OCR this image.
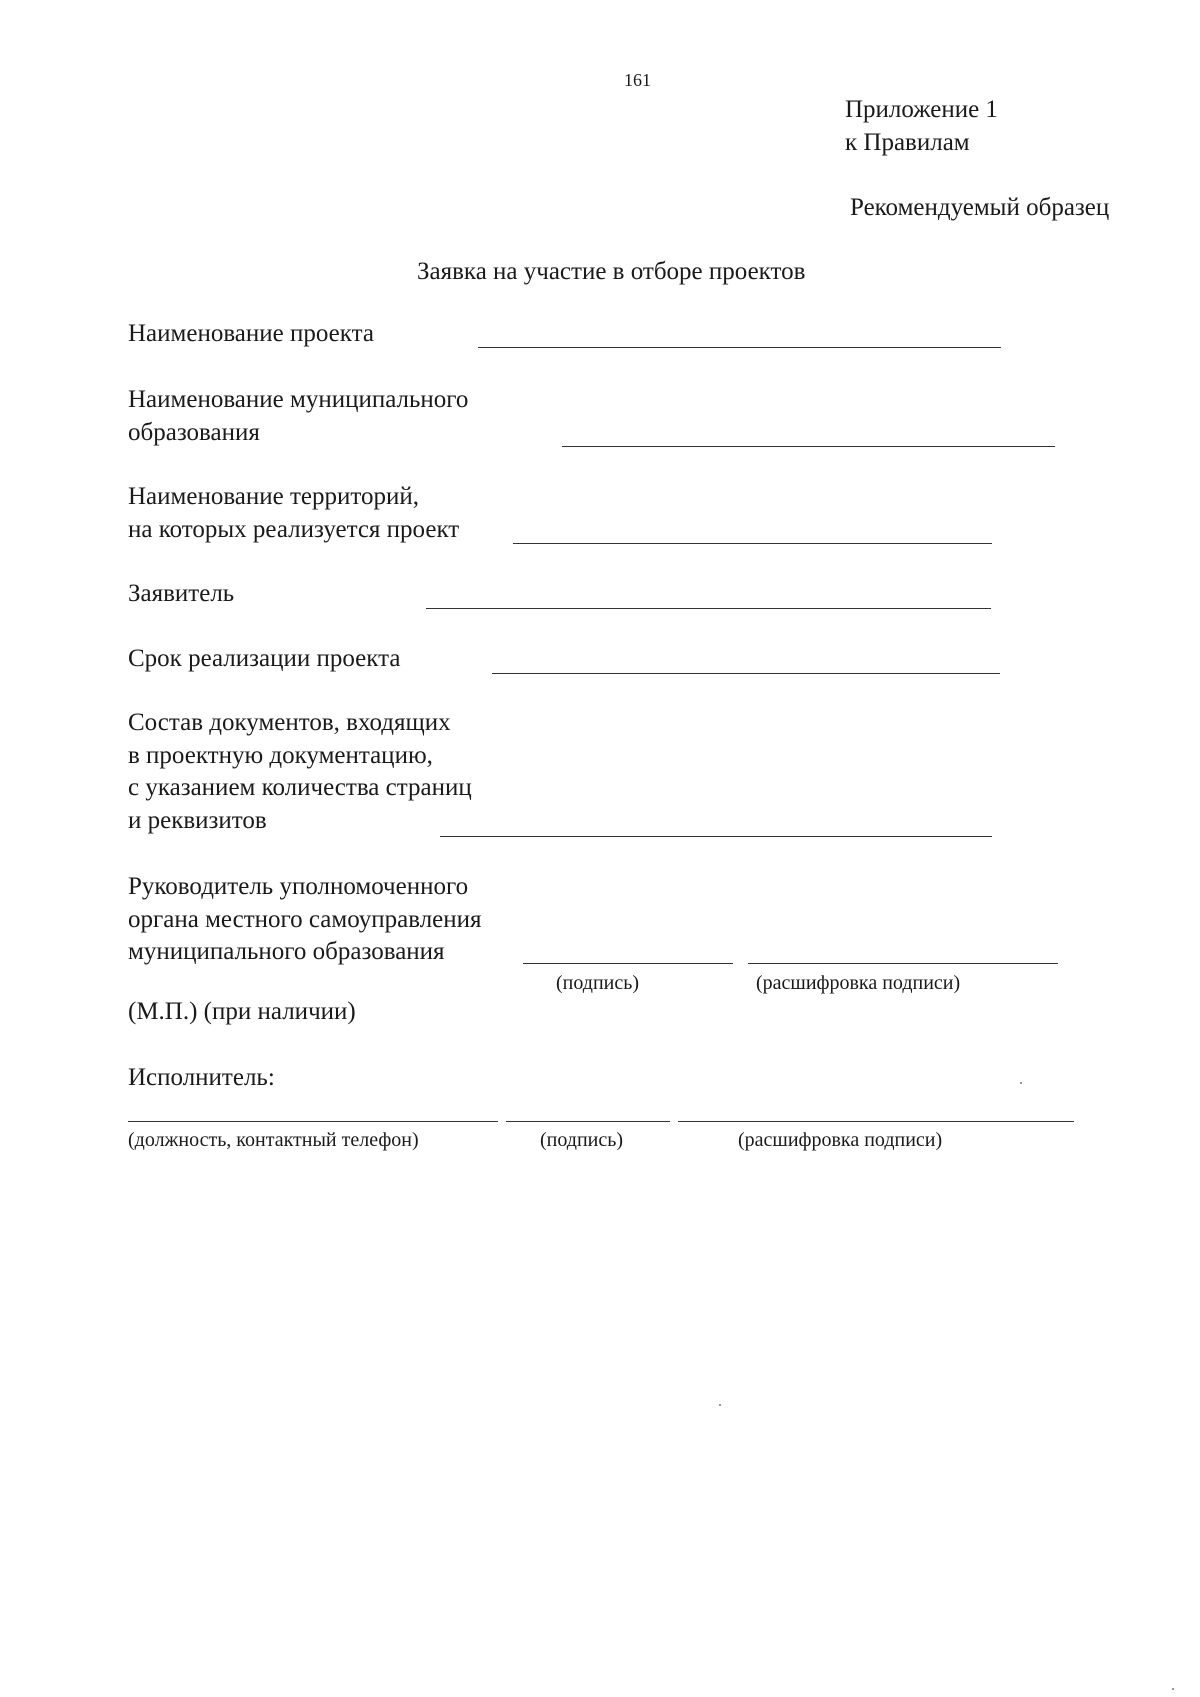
161
Приложение 1
к Правилам
Рекомендуемый образец
Заявка на участие в отборе проектов
Наименование проекта
Наименование муниципального
образования
Наименование территорий,
на которых реализуется проект
Заявитель
Срок реализации проекта
Состав документов, входящих
в проектную документацию,
с указанием количества страниц
и реквизитов
Руководитель уполномоченного
органа местного самоуправления
муниципального образования
(подпись)	(расшифровка подписи)
(М.П.) (при наличии)
Исполнитель:
(должность, контактный телефон)	(подпись)	(расшифровка подписи)
